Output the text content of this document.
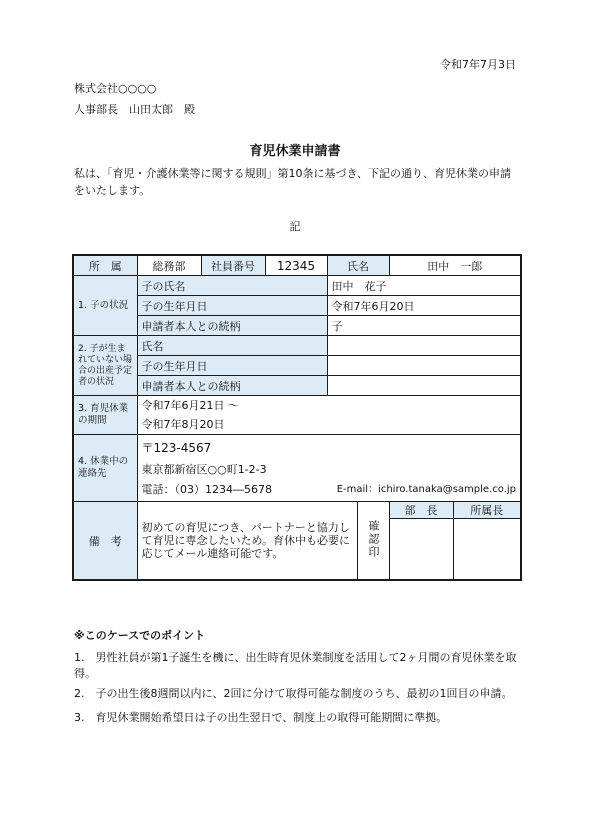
令和7年7月3日
株式会社○○○○
人事部長　山田太郎　殿
育児休業申請書
私は、「育児・介護休業等に関する規則」第10条に基づき、下記の通り、育児休業の申請をいたします。
記
所　属	総務部	社員番号	12345	氏名		田中　一郎	
1. 子の状況	子の氏名			田中　花子			
	子の生年月日			令和7年6月20日			
	申請者本人との続柄			子			
2. 子が生まれていない場合の出産予定者の状況	氏名						
	子の生年月日						
	申請者本人との続柄						
3. 育児休業の期間	令和7年6月21日 ～
令和7年8月20日						

4. 休業中の連絡先	〒123-4567
東京都新宿区○○町1-2-3
電話：（03）1234―5678 E-mail：ichiro.tanaka@sample.co.jp						

備　考	初めての育児につき、パートナーと協力して育児に専念したいため。育休中も必要に応じてメール連絡可能です。				確認印	部　長	所属長

※このケースでのポイント
1.　男性社員が第1子誕生を機に、出生時育児休業制度を活用して2ヶ月間の育児休業を取得。
2.　子の出生後8週間以内に、2回に分けて取得可能な制度のうち、最初の1回目の申請。
3.　育児休業開始希望日は子の出生翌日で、制度上の取得可能期間に準拠。
